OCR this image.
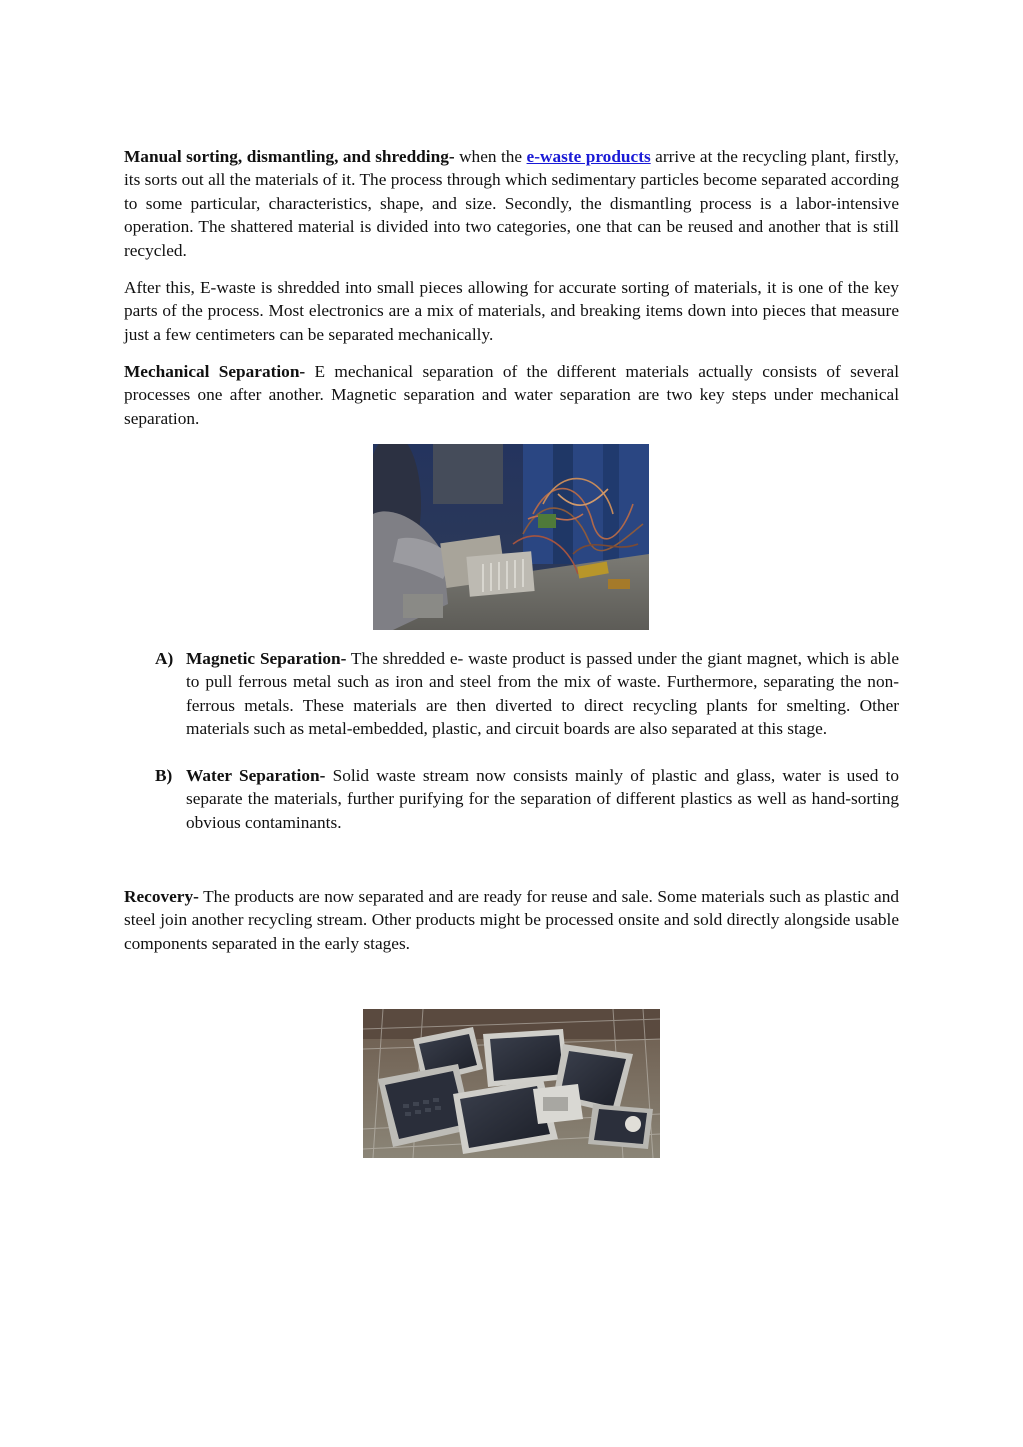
Manual sorting, dismantling, and shredding- when the e-waste products arrive at the recycling plant, firstly, its sorts out all the materials of it. The process through which sedimentary particles become separated according to some particular, characteristics, shape, and size. Secondly, the dismantling process is a labor-intensive operation. The shattered material is divided into two categories, one that can be reused and another that is still recycled.

After this, E-waste is shredded into small pieces allowing for accurate sorting of materials, it is one of the key parts of the process. Most electronics are a mix of materials, and breaking items down into pieces that measure just a few centimeters can be separated mechanically.

Mechanical Separation- E mechanical separation of the different materials actually consists of several processes one after another. Magnetic separation and water separation are two key steps under mechanical separation.

A) Magnetic Separation- The shredded e- waste product is passed under the giant magnet, which is able to pull ferrous metal such as iron and steel from the mix of waste. Furthermore, separating the non-ferrous metals. These materials are then diverted to direct recycling plants for smelting. Other materials such as metal-embedded, plastic, and circuit boards are also separated at this stage.
B) Water Separation- Solid waste stream now consists mainly of plastic and glass, water is used to separate the materials, further purifying for the separation of different plastics as well as hand-sorting obvious contaminants.

Recovery- The products are now separated and are ready for reuse and sale. Some materials such as plastic and steel join another recycling stream. Other products might be processed onsite and sold directly alongside usable components separated in the early stages.
